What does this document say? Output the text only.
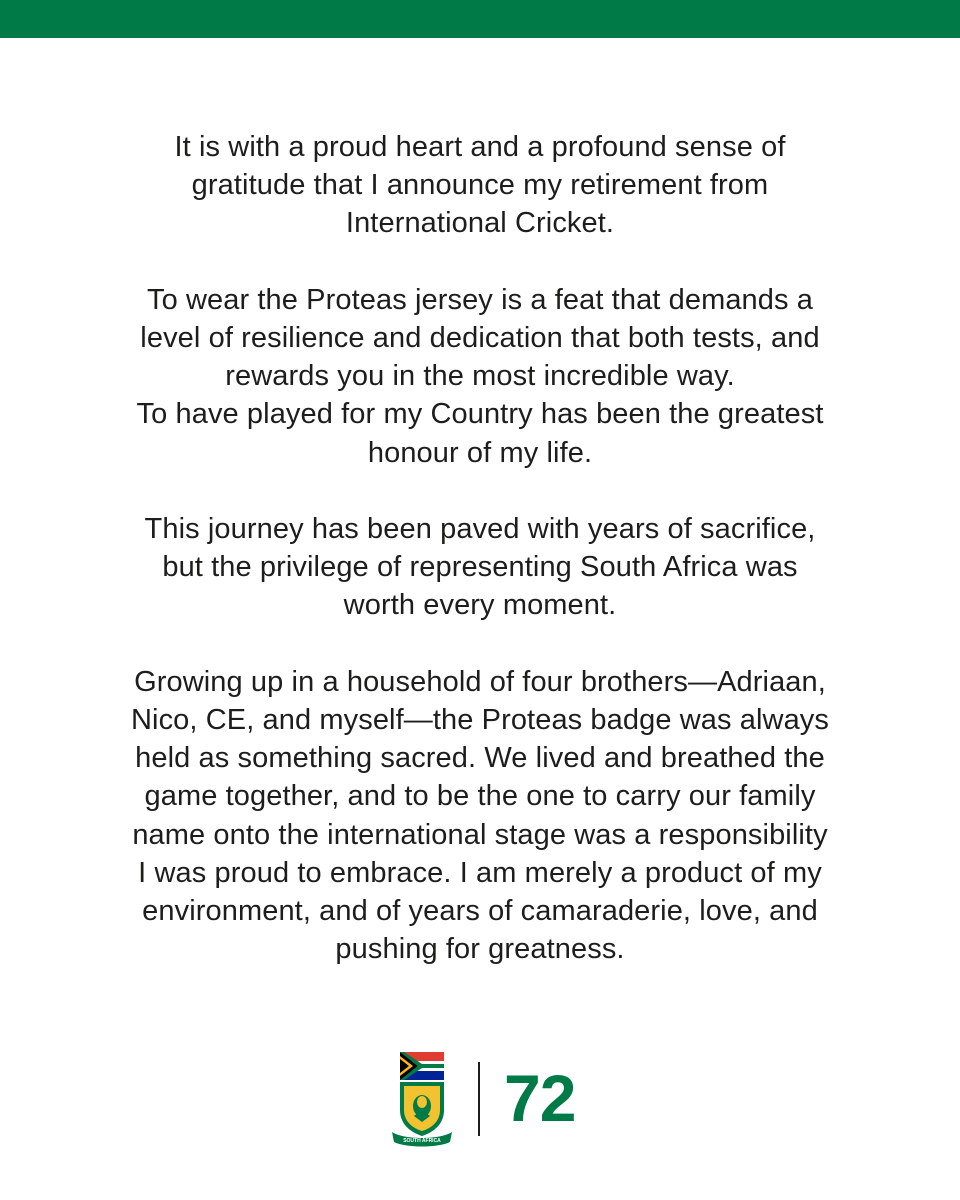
It is with a proud heart and a profound sense of
gratitude that I announce my retirement from
International Cricket.

To wear the Proteas jersey is a feat that demands a
level of resilience and dedication that both tests, and
rewards you in the most incredible way.
To have played for my Country has been the greatest
honour of my life.

This journey has been paved with years of sacrifice,
but the privilege of representing South Africa was
worth every moment.

Growing up in a household of four brothers—Adriaan,
Nico, CE, and myself—the Proteas badge was always
held as something sacred. We lived and breathed the
game together, and to be the one to carry our family
name onto the international stage was a responsibility
I was proud to embrace. I am merely a product of my
environment, and of years of camaraderie, love, and
pushing for greatness.

SOUTH AFRICA
72
